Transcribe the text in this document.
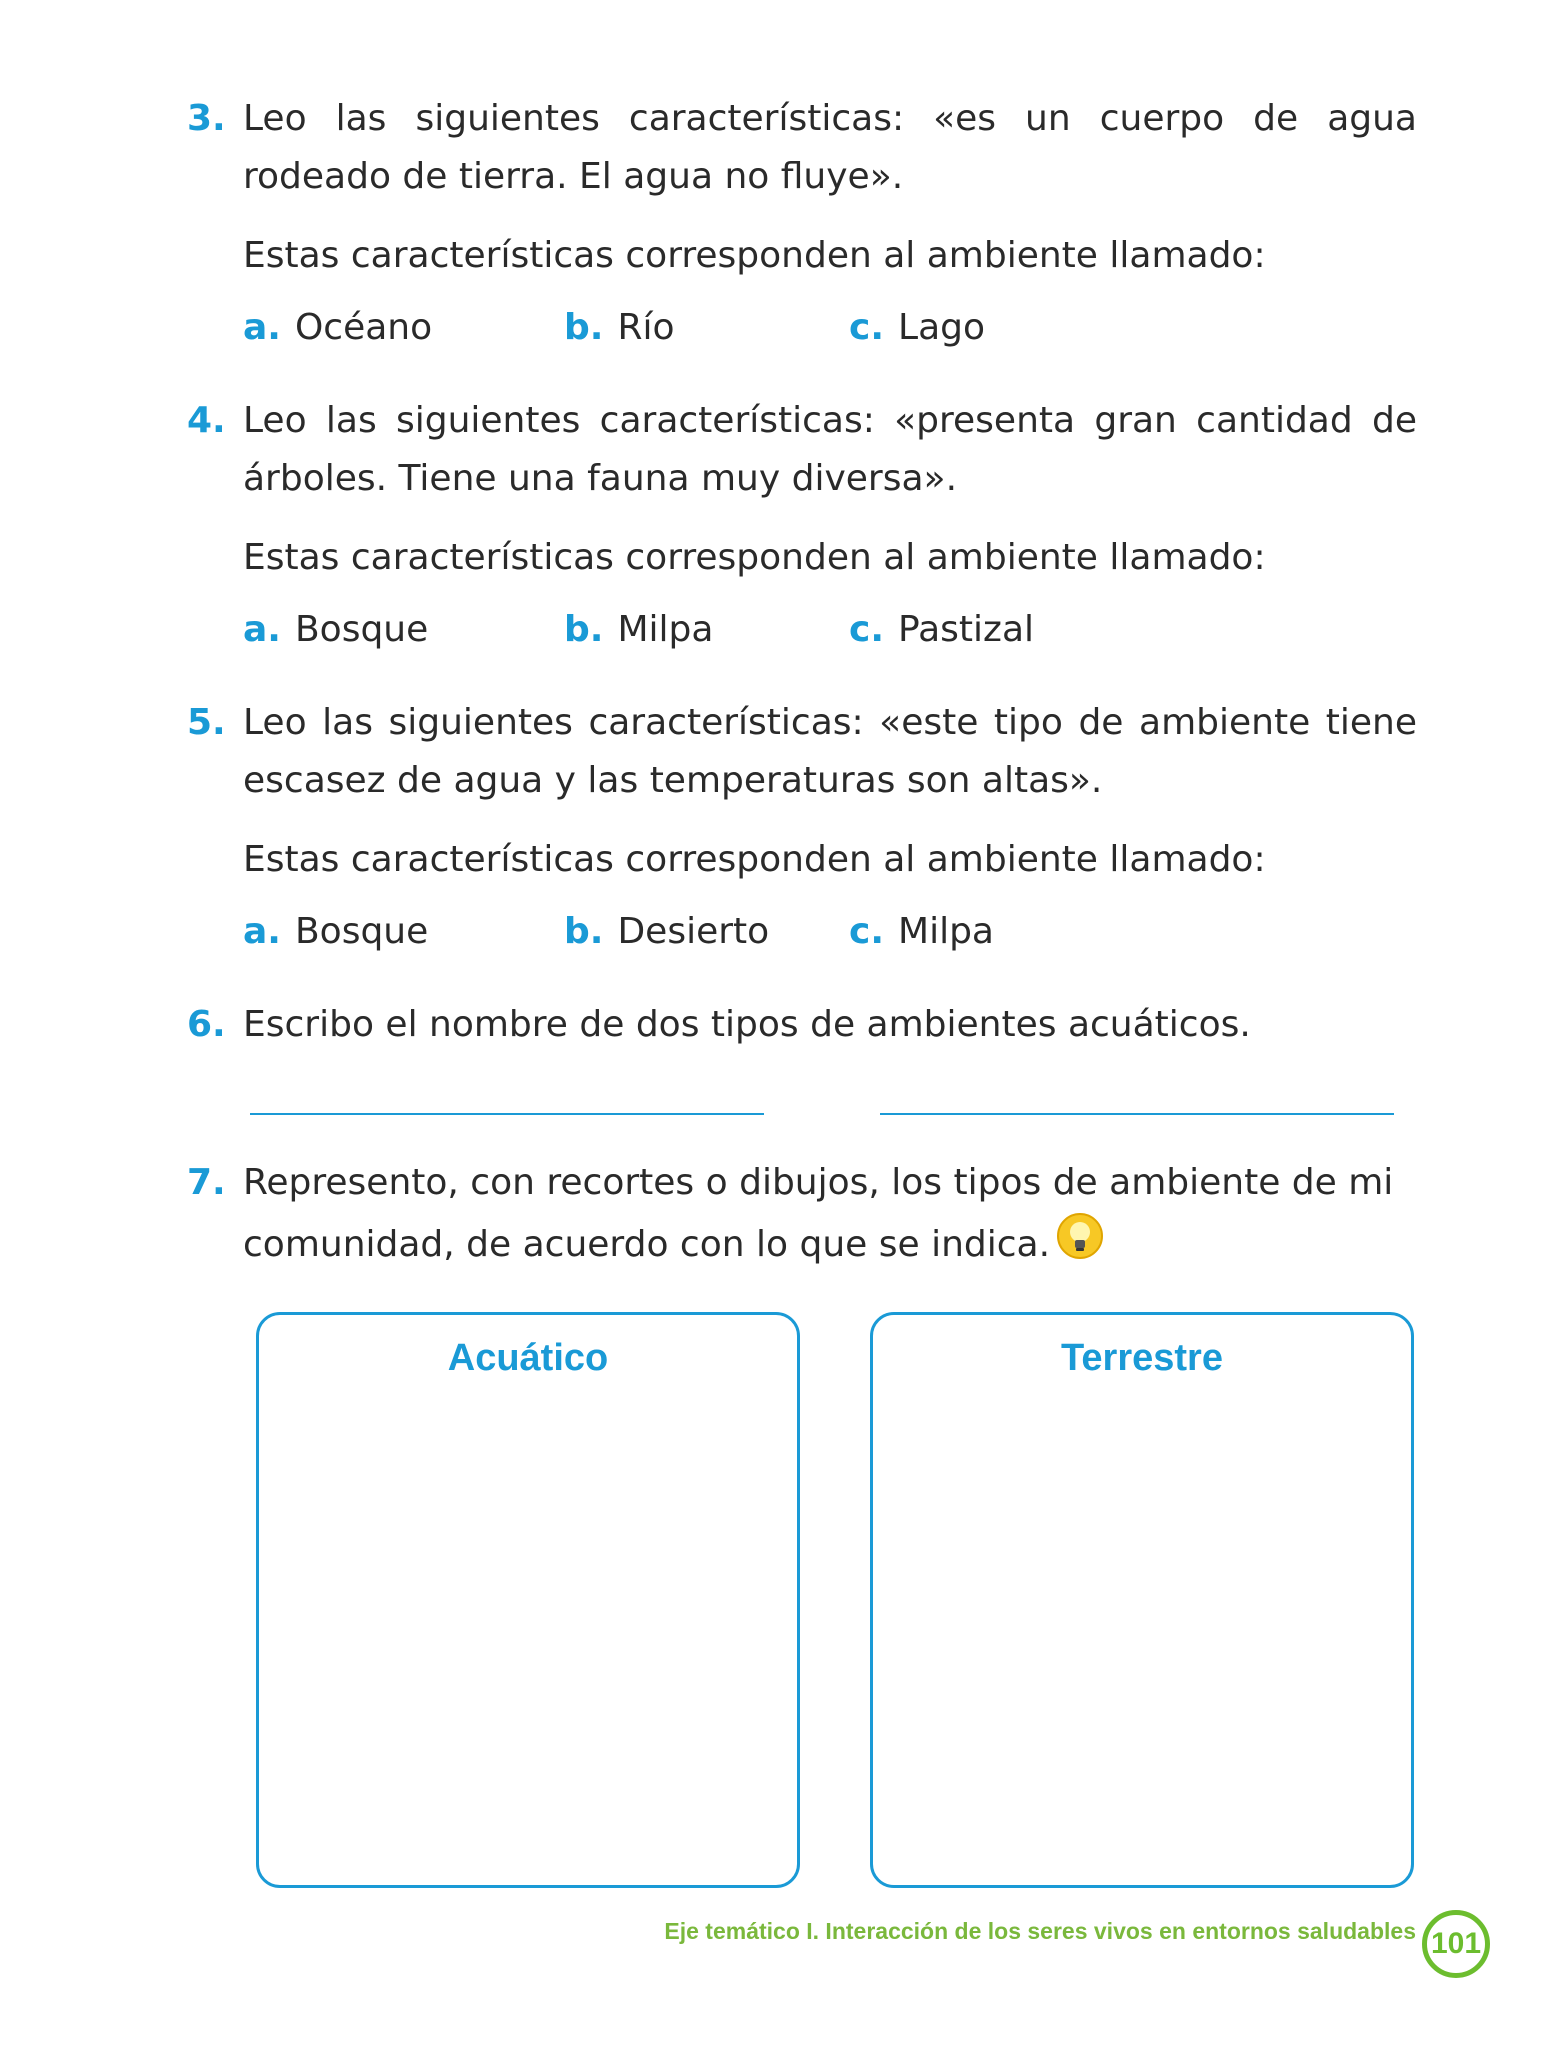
3. Leo las siguientes características: «es un cuerpo de agua rodeado de tierra. El agua no fluye».

Estas características corresponden al ambiente llamado:

a. Océano	b. Río	c. Lago
4. Leo las siguientes características: «presenta gran cantidad de árboles. Tiene una fauna muy diversa».

Estas características corresponden al ambiente llamado:

a. Bosque	b. Milpa	c. Pastizal
5. Leo las siguientes características: «este tipo de ambiente tiene escasez de agua y las temperaturas son altas».

Estas características corresponden al ambiente llamado:

a. Bosque	b. Desierto c. Milpa
6. Escribo el nombre de dos tipos de ambientes acuáticos.

7. Represento, con recortes o dibujos, los tipos de ambiente de mi comunidad, de acuerdo con lo que se indica.

Acuático	Terrestre
Eje temático I. Interacción de los seres vivos en entornos saludables 101
